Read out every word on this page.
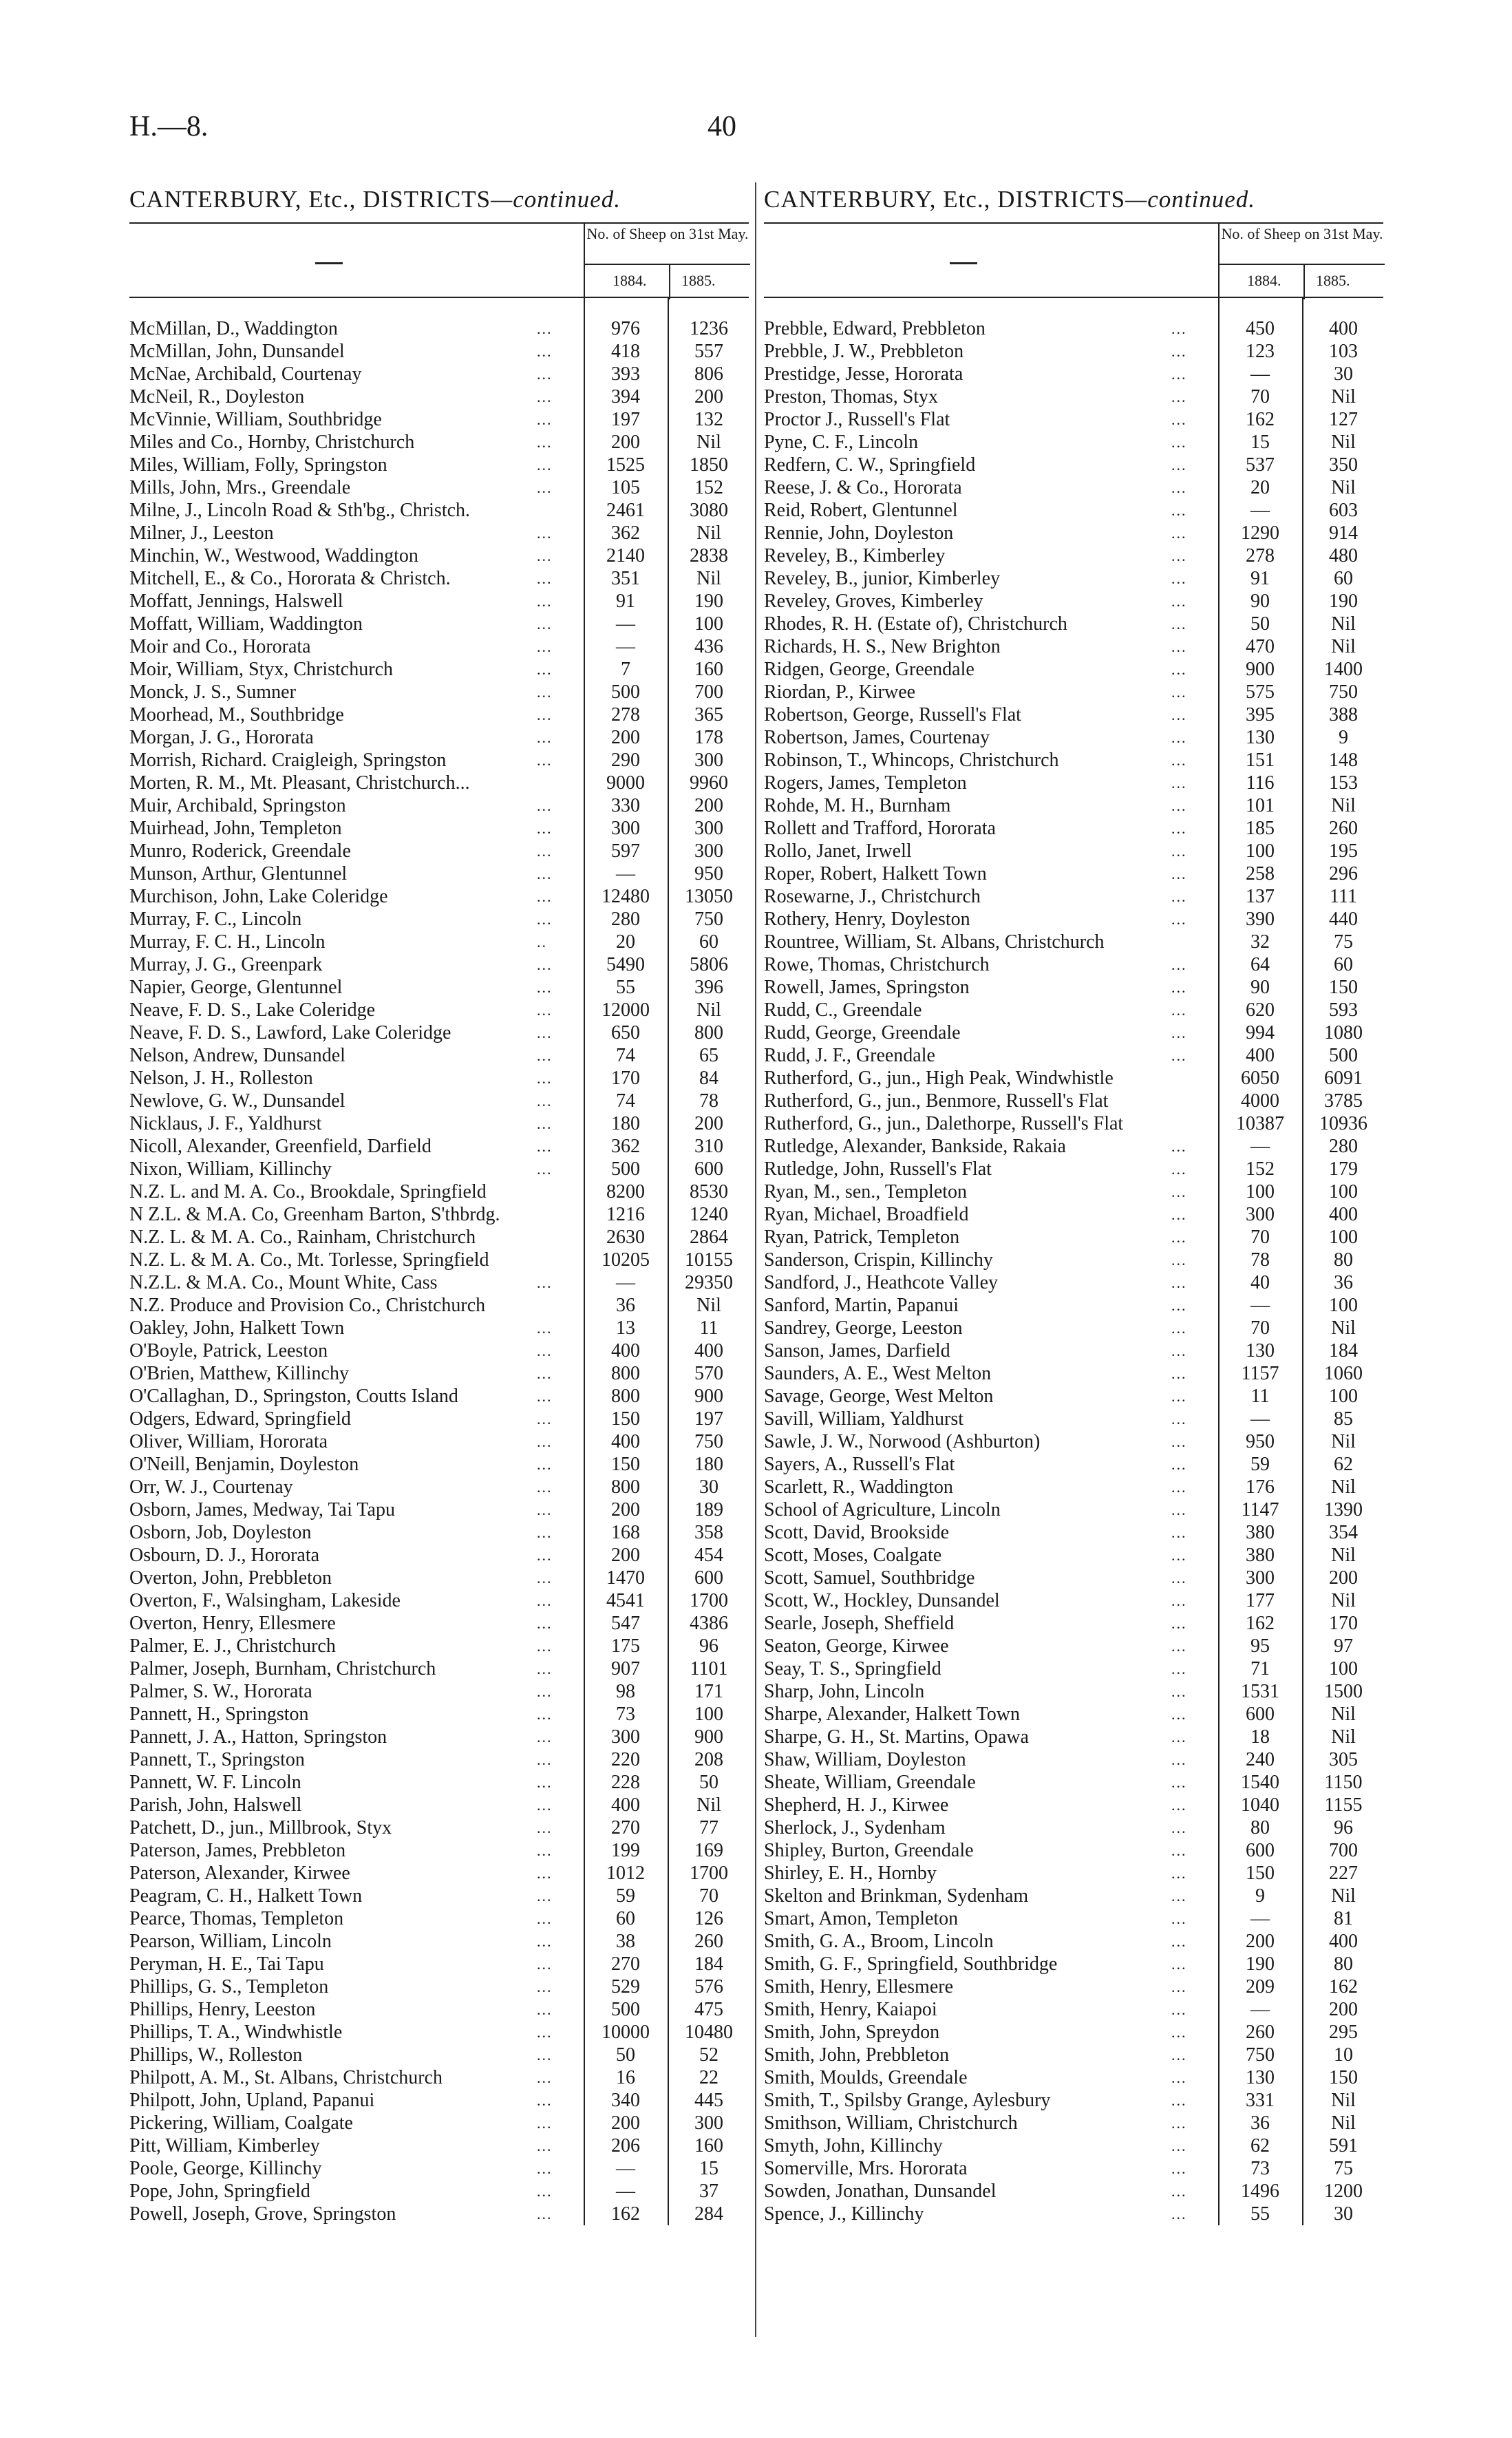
H.—8.	40
CANTERBURY, Etc., DISTRICTS—continued.
No. of Sheep on 31st May.
1884. 1885.
McMillan, D., Waddington	...	976	1236
McMillan, John, Dunsandel	...	418	557
McNae, Archibald, Courtenay	...	393	806
McNeil, R., Doyleston	...	394	200
McVinnie, William, Southbridge	...	197	132
Miles and Co., Hornby, Christchurch	...	200	Nil
Miles, William, Folly, Springston	...	1525	1850
Mills, John, Mrs., Greendale	...	105	152
Milne, J., Lincoln Road & Sth'bg., Christch.	2461	3080
Milner, J., Leeston	...	362	Nil
Minchin, W., Westwood, Waddington	...	2140	2838
Mitchell, E., & Co., Hororata & Christch.	...	351	Nil
Moffatt, Jennings, Halswell	...	91	190
Moffatt, William, Waddington	...	—	100
Moir and Co., Hororata	...	—	436
Moir, William, Styx, Christchurch	...	7	160
Monck, J. S., Sumner	...	500	700
Moorhead, M., Southbridge	...	278	365
Morgan, J. G., Hororata	...	200	178
Morrish, Richard. Craigleigh, Springston	...	290	300
Morten, R. M., Mt. Pleasant, Christchurch...	9000	9960
Muir, Archibald, Springston	...	330	200
Muirhead, John, Templeton	...	300	300
Munro, Roderick, Greendale	...	597	300
Munson, Arthur, Glentunnel	...	—	950
Murchison, John, Lake Coleridge	...	12480	13050
Murray, F. C., Lincoln	...	280	750
Murray, F. C. H., Lincoln	..	20	60
Murray, J. G., Greenpark	...	5490	5806
Napier, George, Glentunnel	...	55	396
Neave, F. D. S., Lake Coleridge	...	12000	Nil
Neave, F. D. S., Lawford, Lake Coleridge	...	650	800
Nelson, Andrew, Dunsandel	...	74	65
Nelson, J. H., Rolleston	...	170	84
Newlove, G. W., Dunsandel	...	74	78
Nicklaus, J. F., Yaldhurst	...	180	200
Nicoll, Alexander, Greenfield, Darfield	...	362	310
Nixon, William, Killinchy	...	500	600
N.Z. L. and M. A. Co., Brookdale, Springfield	8200	8530
N Z.L. & M.A. Co, Greenham Barton, S'thbrdg.	1216	1240
N.Z. L. & M. A. Co., Rainham, Christchurch	2630	2864
N.Z. L. & M. A. Co., Mt. Torlesse, Springfield	10205	10155
N.Z.L. & M.A. Co., Mount White, Cass	...	—	29350
N.Z. Produce and Provision Co., Christchurch	36	Nil
Oakley, John, Halkett Town	...	13	11
O'Boyle, Patrick, Leeston	...	400	400
O'Brien, Matthew, Killinchy	...	800	570
O'Callaghan, D., Springston, Coutts Island	...	800	900
Odgers, Edward, Springfield	...	150	197
Oliver, William, Hororata	...	400	750
O'Neill, Benjamin, Doyleston	...	150	180
Orr, W. J., Courtenay	...	800	30
Osborn, James, Medway, Tai Tapu	...	200	189
Osborn, Job, Doyleston	...	168	358
Osbourn, D. J., Hororata	...	200	454
Overton, John, Prebbleton	...	1470	600
Overton, F., Walsingham, Lakeside	...	4541	1700
Overton, Henry, Ellesmere	...	547	4386
Palmer, E. J., Christchurch	...	175	96
Palmer, Joseph, Burnham, Christchurch	...	907	1101
Palmer, S. W., Hororata	...	98	171
Pannett, H., Springston	...	73	100
Pannett, J. A., Hatton, Springston	...	300	900
Pannett, T., Springston	...	220	208
Pannett, W. F. Lincoln	...	228	50
Parish, John, Halswell	...	400	Nil
Patchett, D., jun., Millbrook, Styx	...	270	77
Paterson, James, Prebbleton	...	199	169
Paterson, Alexander, Kirwee	...	1012	1700
Peagram, C. H., Halkett Town	...	59	70
Pearce, Thomas, Templeton	...	60	126
Pearson, William, Lincoln	...	38	260
Peryman, H. E., Tai Tapu	...	270	184
Phillips, G. S., Templeton	...	529	576
Phillips, Henry, Leeston	...	500	475
Phillips, T. A., Windwhistle	...	10000	10480
Phillips, W., Rolleston	...	50	52
Philpott, A. M., St. Albans, Christchurch	...	16	22
Philpott, John, Upland, Papanui	...	340	445
Pickering, William, Coalgate	...	200	300
Pitt, William, Kimberley	...	206	160
Poole, George, Killinchy	...	—	15
Pope, John, Springfield	...	—	37
Powell, Joseph, Grove, Springston	...	162	284
CANTERBURY, Etc., DISTRICTS—continued.
No. of Sheep on 31st May.
1884. 1885.
Prebble, Edward, Prebbleton	...	450	400
Prebble, J. W., Prebbleton	...	123	103
Prestidge, Jesse, Hororata	...	—	30
Preston, Thomas, Styx	...	70	Nil
Proctor J., Russell's Flat	...	162	127
Pyne, C. F., Lincoln	...	15	Nil
Redfern, C. W., Springfield	...	537	350
Reese, J. & Co., Hororata	...	20	Nil
Reid, Robert, Glentunnel	...	—	603
Rennie, John, Doyleston	...	1290	914
Reveley, B., Kimberley	...	278	480
Reveley, B., junior, Kimberley	...	91	60
Reveley, Groves, Kimberley	...	90	190
Rhodes, R. H. (Estate of), Christchurch	...	50	Nil
Richards, H. S., New Brighton	...	470	Nil
Ridgen, George, Greendale	...	900	1400
Riordan, P., Kirwee	...	575	750
Robertson, George, Russell's Flat	...	395	388
Robertson, James, Courtenay	...	130	9
Robinson, T., Whincops, Christchurch	...	151	148
Rogers, James, Templeton	...	116	153
Rohde, M. H., Burnham	...	101	Nil
Rollett and Trafford, Hororata	...	185	260
Rollo, Janet, Irwell	...	100	195
Roper, Robert, Halkett Town	...	258	296
Rosewarne, J., Christchurch	...	137	111
Rothery, Henry, Doyleston	...	390	440
Rountree, William, St. Albans, Christchurch	32	75
Rowe, Thomas, Christchurch	...	64	60
Rowell, James, Springston	...	90	150
Rudd, C., Greendale	...	620	593
Rudd, George, Greendale	...	994	1080
Rudd, J. F., Greendale	...	400	500
Rutherford, G., jun., High Peak, Windwhistle	6050	6091
Rutherford, G., jun., Benmore, Russell's Flat	4000	3785
Rutherford, G., jun., Dalethorpe, Russell's Flat	10387	10936
Rutledge, Alexander, Bankside, Rakaia	...	—	280
Rutledge, John, Russell's Flat	...	152	179
Ryan, M., sen., Templeton	...	100	100
Ryan, Michael, Broadfield	...	300	400
Ryan, Patrick, Templeton	...	70	100
Sanderson, Crispin, Killinchy	...	78	80
Sandford, J., Heathcote Valley	...	40	36
Sanford, Martin, Papanui	...	—	100
Sandrey, George, Leeston	...	70	Nil
Sanson, James, Darfield	...	130	184
Saunders, A. E., West Melton	...	1157	1060
Savage, George, West Melton	...	11	100
Savill, William, Yaldhurst	...	—	85
Sawle, J. W., Norwood (Ashburton)	...	950	Nil
Sayers, A., Russell's Flat	...	59	62
Scarlett, R., Waddington	...	176	Nil
School of Agriculture, Lincoln	...	1147	1390
Scott, David, Brookside	...	380	354
Scott, Moses, Coalgate	...	380	Nil
Scott, Samuel, Southbridge	...	300	200
Scott, W., Hockley, Dunsandel	...	177	Nil
Searle, Joseph, Sheffield	...	162	170
Seaton, George, Kirwee	...	95	97
Seay, T. S., Springfield	...	71	100
Sharp, John, Lincoln	...	1531	1500
Sharpe, Alexander, Halkett Town	...	600	Nil
Sharpe, G. H., St. Martins, Opawa	...	18	Nil
Shaw, William, Doyleston	...	240	305
Sheate, William, Greendale	...	1540	1150
Shepherd, H. J., Kirwee	...	1040	1155
Sherlock, J., Sydenham	...	80	96
Shipley, Burton, Greendale	...	600	700
Shirley, E. H., Hornby	...	150	227
Skelton and Brinkman, Sydenham	...	9	Nil
Smart, Amon, Templeton	...	—	81
Smith, G. A., Broom, Lincoln	...	200	400
Smith, G. F., Springfield, Southbridge	...	190	80
Smith, Henry, Ellesmere	...	209	162
Smith, Henry, Kaiapoi	...	—	200
Smith, John, Spreydon	...	260	295
Smith, John, Prebbleton	...	750	10
Smith, Moulds, Greendale	...	130	150
Smith, T., Spilsby Grange, Aylesbury	...	331	Nil
Smithson, William, Christchurch	...	36	Nil
Smyth, John, Killinchy	...	62	591
Somerville, Mrs. Hororata	...	73	75
Sowden, Jonathan, Dunsandel	...	1496	1200
Spence, J., Killinchy	...	55	30
